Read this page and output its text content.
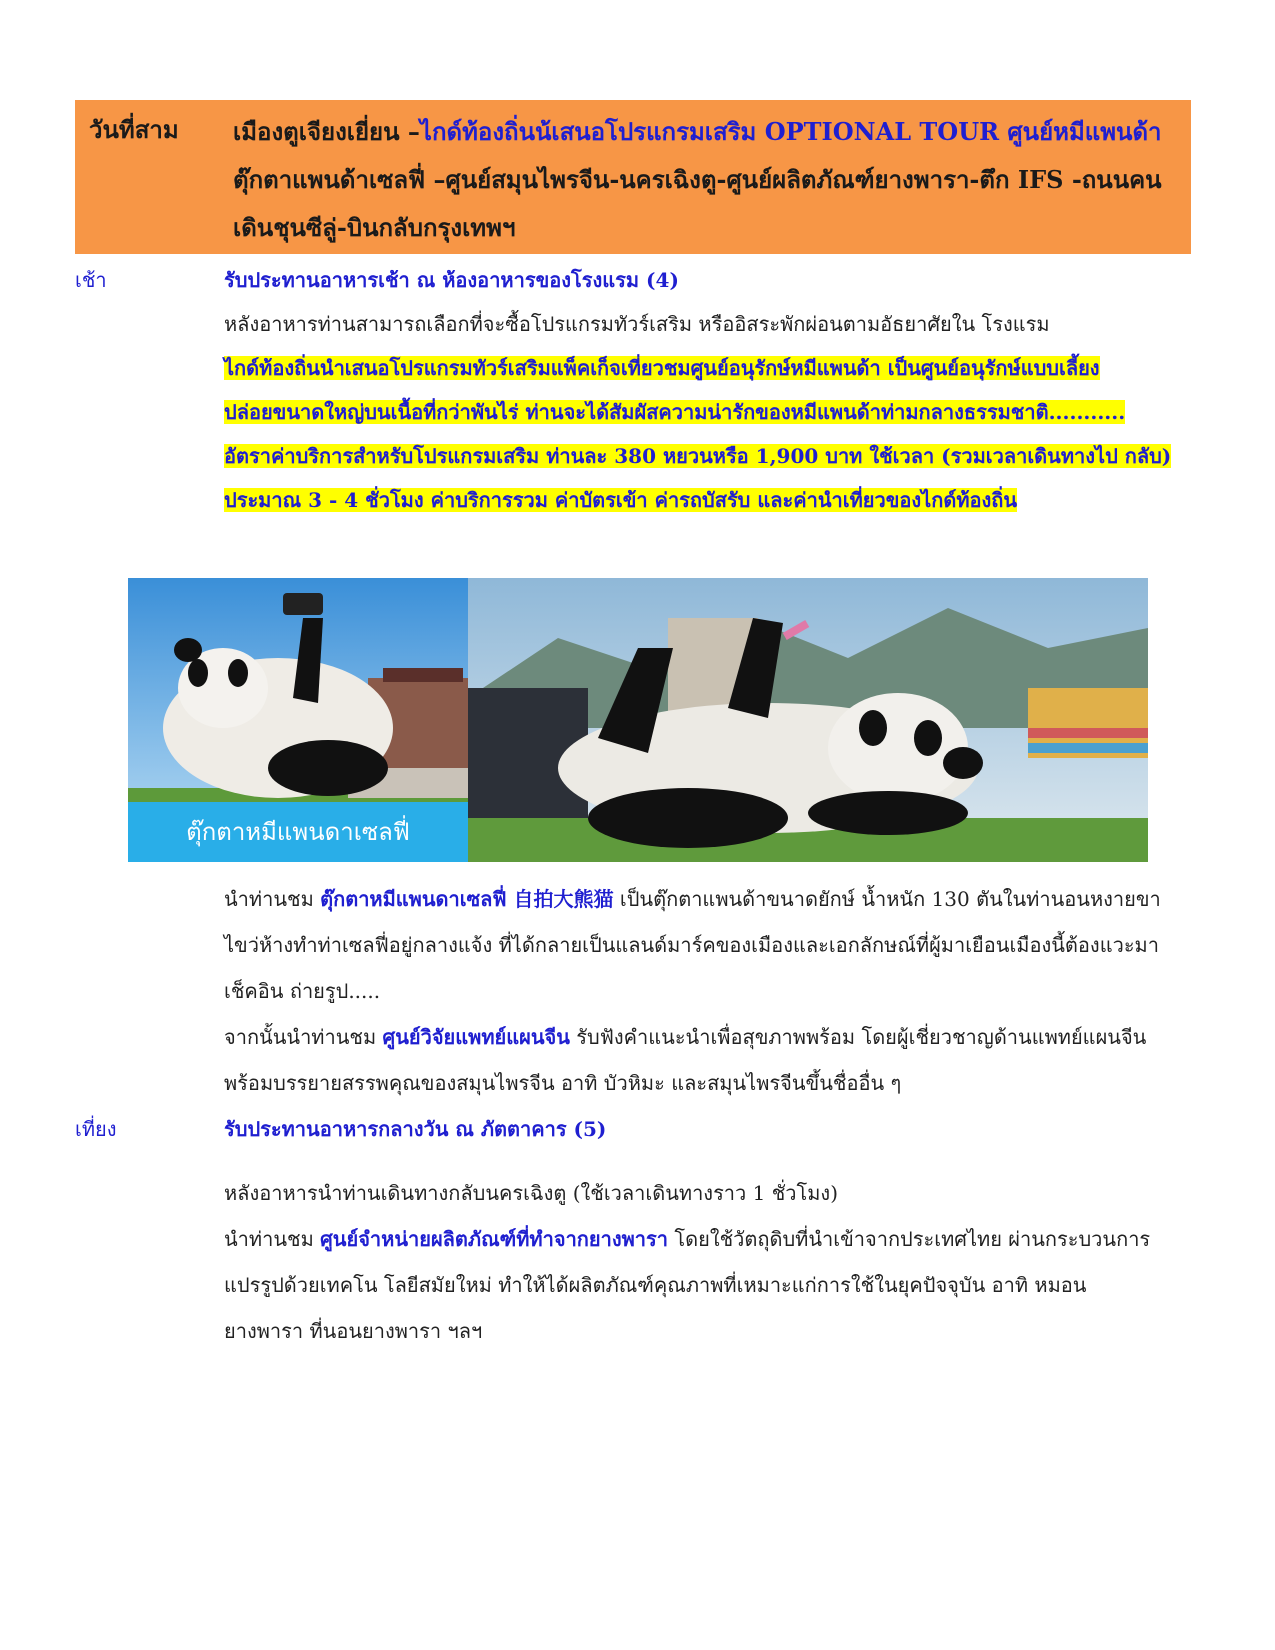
วันที่สาม เมืองตูเจียงเยี่ยน –ไกด์ท้องถิ่นน้เสนอโปรแกรมเสริม OPTIONAL TOUR ศูนย์หมีแพนด้า
ตุ๊กตาแพนด้าเซลฟี่ –ศูนย์สมุนไพรจีน-นครเฉิงตู-ศูนย์ผลิตภัณฑ์ยางพารา-ตึก IFS -ถนนคน
เดินชุนซีลู่-บินกลับกรุงเทพฯ
เช้า	รับประทานอาหารเช้า ณ ห้องอาหารของโรงแรม (4)
หลังอาหารท่านสามารถเลือกที่จะซื้อโปรแกรมทัวร์เสริม หรืออิสระพักผ่อนตามอัธยาศัยใน โรงแรม
ไกด์ท้องถิ่นนำเสนอโปรแกรมทัวร์เสริมแพ็คเก็จเที่ยวชมศูนย์อนุรักษ์หมีแพนด้า เป็นศูนย์อนุรักษ์แบบเลี้ยง
ปล่อยขนาดใหญ่บนเนื้อที่กว่าพันไร่ ท่านจะได้สัมผัสความน่ารักของหมีแพนด้าท่ามกลางธรรมชาติ...........
อัตราค่าบริการสำหรับโปรแกรมเสริม ท่านละ 380 หยวนหรือ 1,900 บาท ใช้เวลา (รวมเวลาเดินทางไป กลับ)
ประมาณ 3 - 4 ชั่วโมง ค่าบริการรวม ค่าบัตรเข้า ค่ารถบัสรับ และค่านำเที่ยวของไกด์ท้องถิ่น
ตุ๊กตาหมีแพนดาเซลฟี่
นำท่านชม ตุ๊กตาหมีแพนดาเซลฟี่ 自拍大熊猫 เป็นตุ๊กตาแพนด้าขนาดยักษ์ น้ำหนัก 130 ตันในท่านอนหงายขา
ไขว่ห้างทำท่าเซลฟี่อยู่กลางแจ้ง ที่ได้กลายเป็นแลนด์มาร์คของเมืองและเอกลักษณ์ที่ผู้มาเยือนเมืองนี้ต้องแวะมา
เช็คอิน ถ่ายรูป.....
จากนั้นนำท่านชม ศูนย์วิจัยแพทย์แผนจีน รับฟังคำแนะนำเพื่อสุขภาพพร้อม โดยผู้เชี่ยวชาญด้านแพทย์แผนจีน
พร้อมบรรยายสรรพคุณของสมุนไพรจีน อาทิ บัวหิมะ และสมุนไพรจีนขึ้นชื่ออื่น ๆ
รับประทานอาหารกลางวัน ณ ภัตตาคาร (5)
เที่ยง
หลังอาหารนำท่านเดินทางกลับนครเฉิงตู (ใช้เวลาเดินทางราว 1 ชั่วโมง)
นำท่านชม ศูนย์จำหน่ายผลิตภัณฑ์ที่ทำจากยางพารา โดยใช้วัตถุดิบที่นำเข้าจากประเทศไทย ผ่านกระบวนการ
แปรรูปด้วยเทคโน โลยีสมัยใหม่ ทำให้ได้ผลิตภัณฑ์คุณภาพที่เหมาะแก่การใช้ในยุคปัจจุบัน อาทิ หมอน
ยางพารา ที่นอนยางพารา ฯลฯ
